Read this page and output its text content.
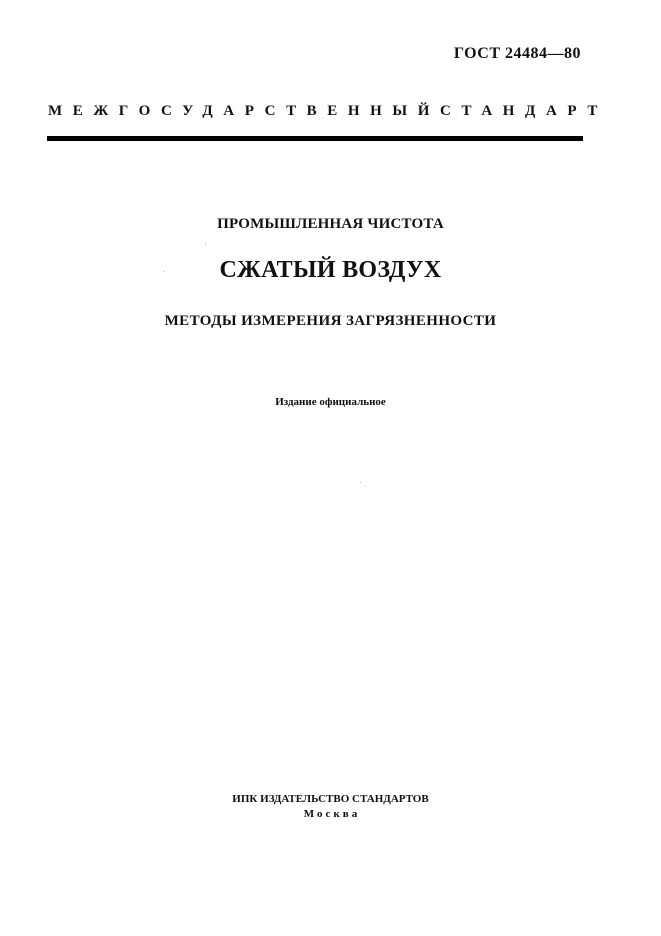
ГОСТ 24484—80
МЕЖГОСУДАРСТВЕННЫЙ СТАНДАРТ
ПРОМЫШЛЕННАЯ ЧИСТОТА
СЖАТЫЙ ВОЗДУХ
МЕТОДЫ ИЗМЕРЕНИЯ ЗАГРЯЗНЕННОСТИ
Издание официальное
ИПК ИЗДАТЕЛЬСТВО СТАНДАРТОВ
Москва
